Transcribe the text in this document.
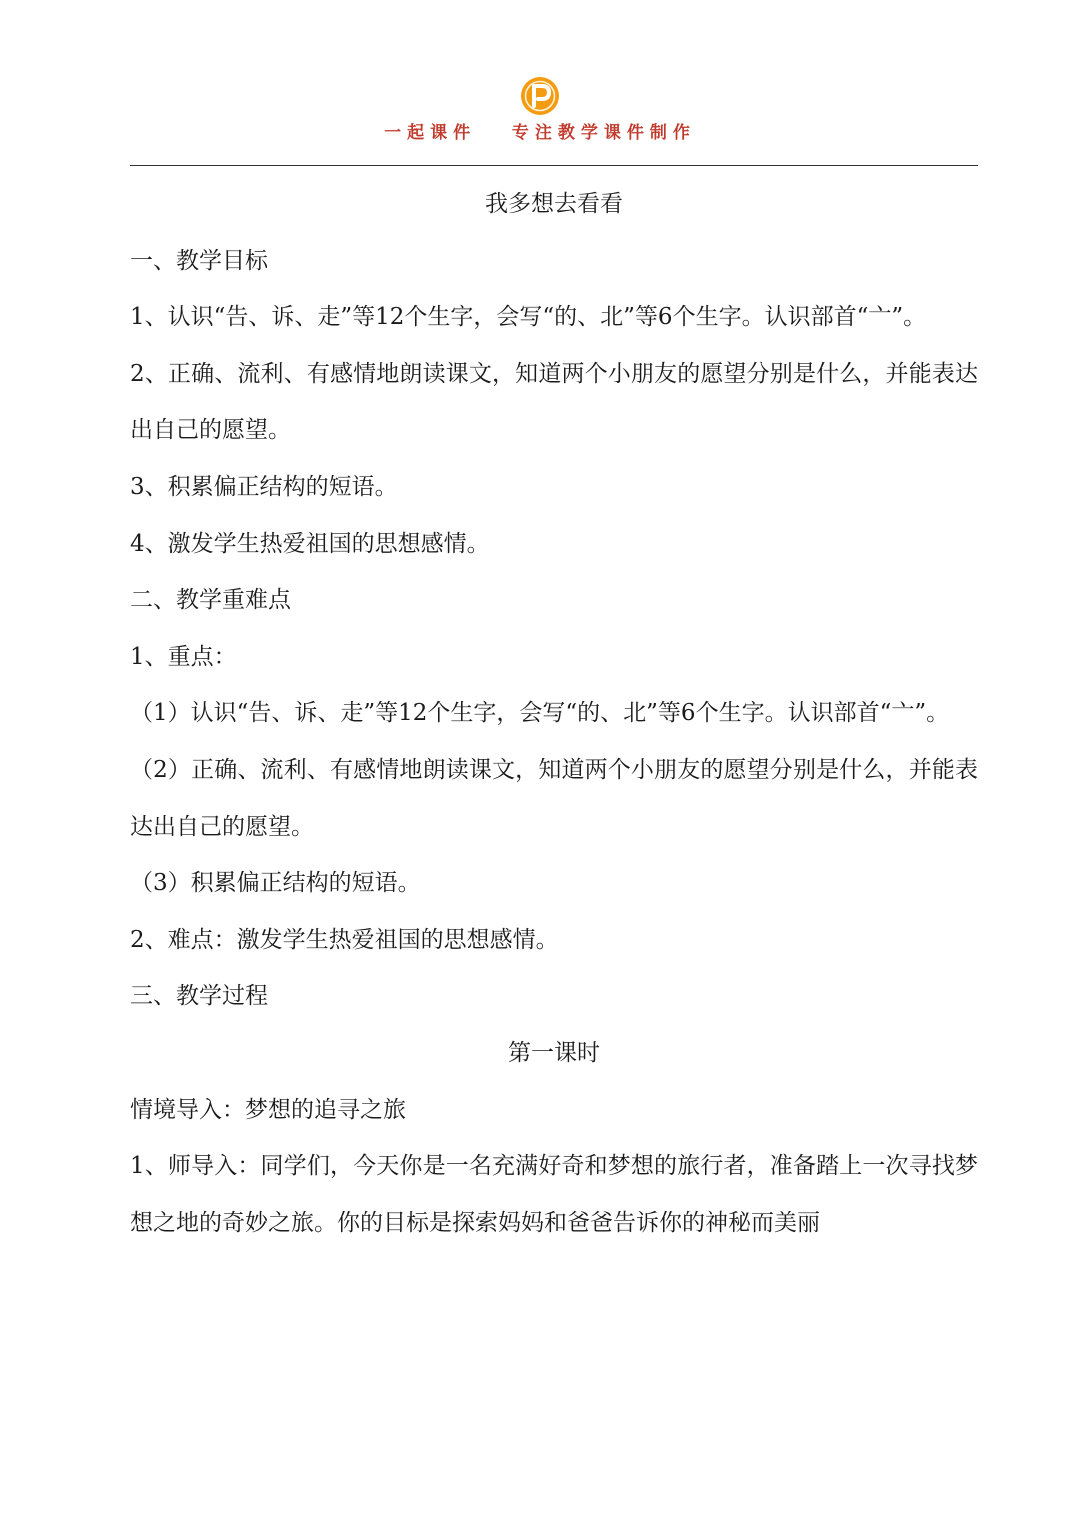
一起课件   专注教学课件制作

我多想去看看

一、教学目标

1、认识“告、诉、走”等12个生字，会写“的、北”等6个生字。认识部首“亠”。

2、正确、流利、有感情地朗读课文，知道两个小朋友的愿望分别是什么，并能表达出自己的愿望。

3、积累偏正结构的短语。

4、激发学生热爱祖国的思想感情。

二、教学重难点

1、重点：

（1）认识“告、诉、走”等12个生字，会写“的、北”等6个生字。认识部首“亠”。

（2）正确、流利、有感情地朗读课文，知道两个小朋友的愿望分别是什么，并能表达出自己的愿望。

（3）积累偏正结构的短语。

2、难点：激发学生热爱祖国的思想感情。

三、教学过程

第一课时

情境导入：梦想的追寻之旅

1、师导入：同学们，今天你是一名充满好奇和梦想的旅行者，准备踏上一次寻找梦想之地的奇妙之旅。你的目标是探索妈妈和爸爸告诉你的神秘而美丽
